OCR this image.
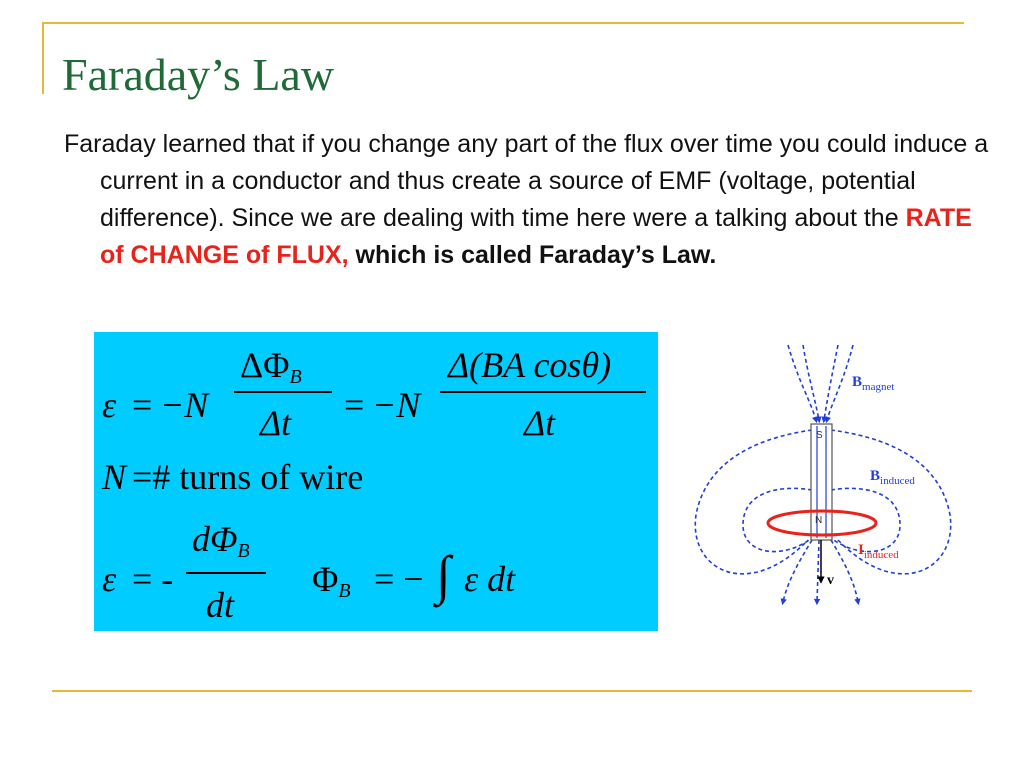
Faraday’s Law

Faraday learned that if you change any part of the flux over time you could induce a current in a conductor and thus create a source of EMF (voltage, potential difference). Since we are dealing with time here were a talking about the RATE of CHANGE of FLUX, which is called Faraday’s Law.

ε = −N
$\Delta\Phi_B$
Δt = −N
Δ(BA cosθ)
Δt
N =# turns of wire
ε = -
$d\Phi_B$
dt
$\Phi_B$ = − ∫ ε dt
S
N
$B_{magnet}$
$B_{induced}$
$I_{induced}$
v
